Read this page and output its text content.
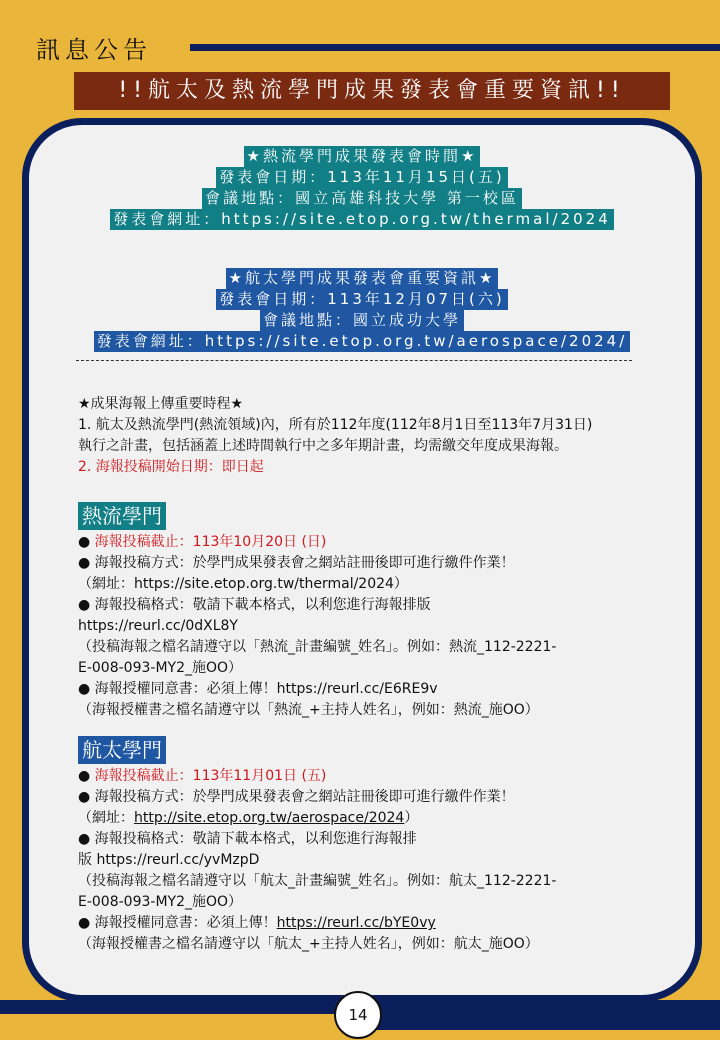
訊息公告
!!航太及熱流學門成果發表會重要資訊!!
★熱流學門成果發表會時間★
發表會日期：113年11月15日(五)
會議地點：國立高雄科技大學 第一校區
發表會網址：https://site.etop.org.tw/thermal/2024
★航太學門成果發表會重要資訊★
發表會日期：113年12月07日(六)
會議地點：國立成功大學
發表會網址：https://site.etop.org.tw/aerospace/2024/

★成果海報上傳重要時程★

1. 航太及熱流學門(熱流領域)內，所有於112年度(112年8月1日至113年7月31日)

執行之計畫，包括涵蓋上述時間執行中之多年期計畫，均需繳交年度成果海報。

2. 海報投稿開始日期：即日起

熱流學門

● 海報投稿截止：113年10月20日 (日)

● 海報投稿方式：於學門成果發表會之網站註冊後即可進行繳件作業！

（網址：https://site.etop.org.tw/thermal/2024）

● 海報投稿格式：敬請下載本格式，以利您進行海報排版

https://reurl.cc/0dXL8Y

（投稿海報之檔名請遵守以「熱流_計畫編號_姓名」。例如：熱流_112-2221-

E-008-093-MY2_施OO）

● 海報授權同意書：必須上傳！https://reurl.cc/E6RE9v

（海報授權書之檔名請遵守以「熱流_+主持人姓名」，例如：熱流_施OO）

航太學門

● 海報投稿截止：113年11月01日 (五)

● 海報投稿方式：於學門成果發表會之網站註冊後即可進行繳件作業！

（網址：http://site.etop.org.tw/aerospace/2024）

● 海報投稿格式：敬請下載本格式，以利您進行海報排

版 https://reurl.cc/yvMzpD

（投稿海報之檔名請遵守以「航太_計畫編號_姓名」。例如：航太_112-2221-

E-008-093-MY2_施OO）

● 海報授權同意書：必須上傳！https://reurl.cc/bYE0vy

（海報授權書之檔名請遵守以「航太_+主持人姓名」，例如：航太_施OO）

14
